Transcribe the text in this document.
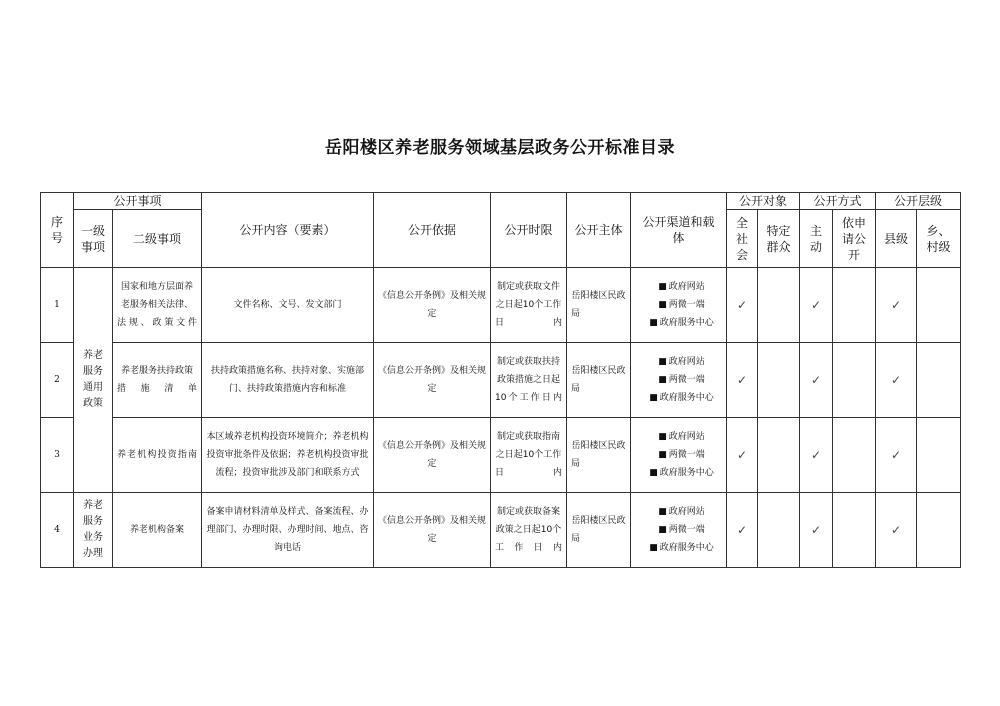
岳阳楼区养老服务领域基层政务公开标准目录
序号	公开事项		公开内容（要素）	公开依据	公开时限	公开主体	公开渠道和载体	公开对象		公开方式		公开层级	
	一级事项	二级事项						全社会	特定群众	主动	依申请公开	县级	乡、村级
1	养老服务通用政策	国家和地方层面养老服务相关法律、法规、政策文件	文件名称、文号、发文部门	《信息公开条例》及相关规定	制定或获取文件之日起10个工作日内	岳阳楼区民政局	■ 政府网站
■ 两微一端
■ 政府服务中心	✓		✓		✓	
2		养老服务扶持政策措施清单	扶持政策措施名称、扶持对象、实施部门、扶持政策措施内容和标准	《信息公开条例》及相关规定	制定或获取扶持政策措施之日起10个工作日内	岳阳楼区民政局	■ 政府网站
■ 两微一端
■ 政府服务中心	✓		✓		✓	
3		养老机构投资指南	本区域养老机构投资环境简介；养老机构投资审批条件及依据；养老机构投资审批流程；投资审批涉及部门和联系方式	《信息公开条例》及相关规定	制定或获取指南之日起10个工作日内	岳阳楼区民政局	■ 政府网站
■ 两微一端
■ 政府服务中心	✓		✓		✓	
4	养老服务业务办理	养老机构备案	备案申请材料清单及样式、备案流程、办理部门、办理时限、办理时间、地点、咨询电话	《信息公开条例》及相关规定	制定或获取备案政策之日起10个工作日内	岳阳楼区民政局	■ 政府网站
■ 两微一端
■ 政府服务中心	✓		✓		✓	
